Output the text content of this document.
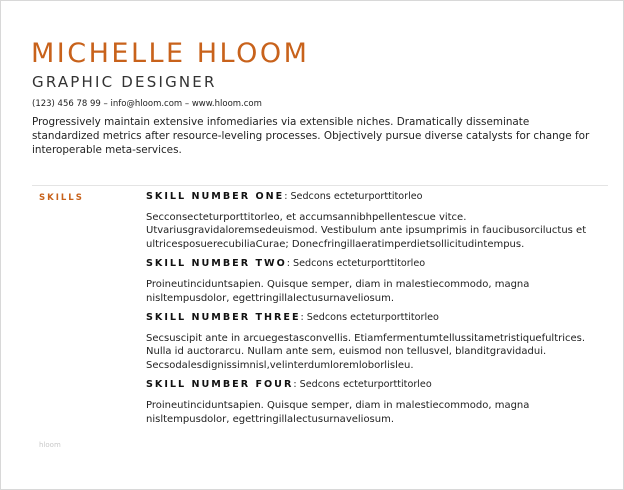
MICHELLE HLOOM
GRAPHIC DESIGNER
(123) 456 78 99 – info@hloom.com – www.hloom.com
Progressively maintain extensive infomediaries via extensible niches. Dramatically disseminate standardized metrics after resource-leveling processes. Objectively pursue diverse catalysts for change for interoperable meta-services.
SKILLS	SKILL NUMBER ONE: Sedcons ecteturporttitorleo
Secconsecteturporttitorleo, et accumsannibhpellentescue vitce. Utvariusgravidaloremsedeuismod. Vestibulum ante ipsumprimis in faucibusorciluctus et ultricesposuerecubiliaCurae; Donecfringillaeratimperdietsollicitudintempus.
SKILL NUMBER TWO: Sedcons ecteturporttitorleo
Proineutinciduntsapien. Quisque semper, diam in malestiecommodo, magna nisltempusdolor, egettringillalectusurnaveliosum.
SKILL NUMBER THREE: Sedcons ecteturporttitorleo
Secsuscipit ante in arcuegestasconvellis. Etiamfermentumtellussitametristiquefultrices. Nulla id auctorarcu. Nullam ante sem, euismod non tellusvel, blanditgravidadui. Secsodalesdignissimnisl,velinterdumloremloborlisleu.
SKILL NUMBER FOUR: Sedcons ecteturporttitorleo
Proineutinciduntsapien. Quisque semper, diam in malestiecommodo, magna nisltempusdolor, egettringillalectusurnaveliosum.
hloom
